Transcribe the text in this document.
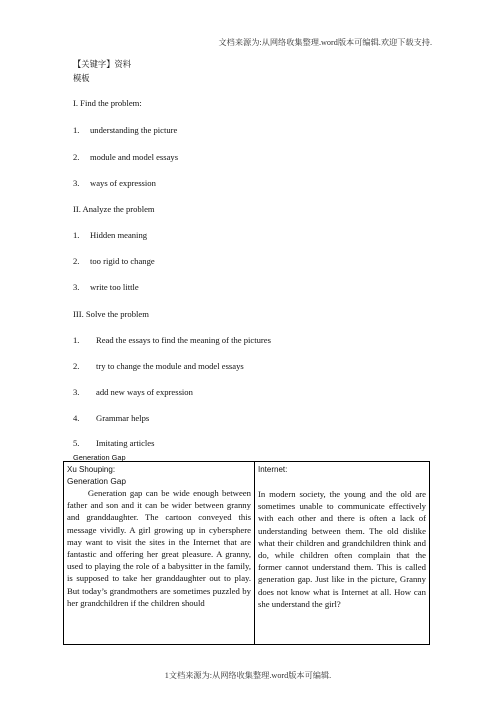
文档来源为:从网络收集整理.word版本可编辑.欢迎下载支持.
【关键字】资料
模板
I. Find the problem:
1. understanding the picture
2. module and model essays
3. ways of expression
II. Analyze the problem
1. Hidden meaning
2. too rigid to change
3. write too little
III. Solve the problem
1. Read the essays to find the meaning of the pictures
2. try to change the module and model essays
3. add new ways of expression
4. Grammar helps
5. Imitating articles
Generation Gap
Xu Shouping:
Generation Gap
Generation gap can be wide enough between father and son and it can be wider between granny and granddaughter. The cartoon conveyed this message vividly. A girl growing up in cybersphere may want to visit the sites in the Internet that are fantastic and offering her great pleasure. A granny, used to playing the role of a babysitter in the family, is supposed to take her granddaughter out to play. But today’s grandmothers are sometimes puzzled by her grandchildren if the children should

Internet:
In modern society, the young and the old are sometimes unable to communicate effectively with each other and there is often a lack of understanding between them. The old dislike what their children and grandchildren think and do, while children often complain that the former cannot understand them. This is called generation gap. Just like in the picture, Granny does not know what is Internet at all. How can she understand the girl?
1文档来源为:从网络收集整理.word版本可编辑.
